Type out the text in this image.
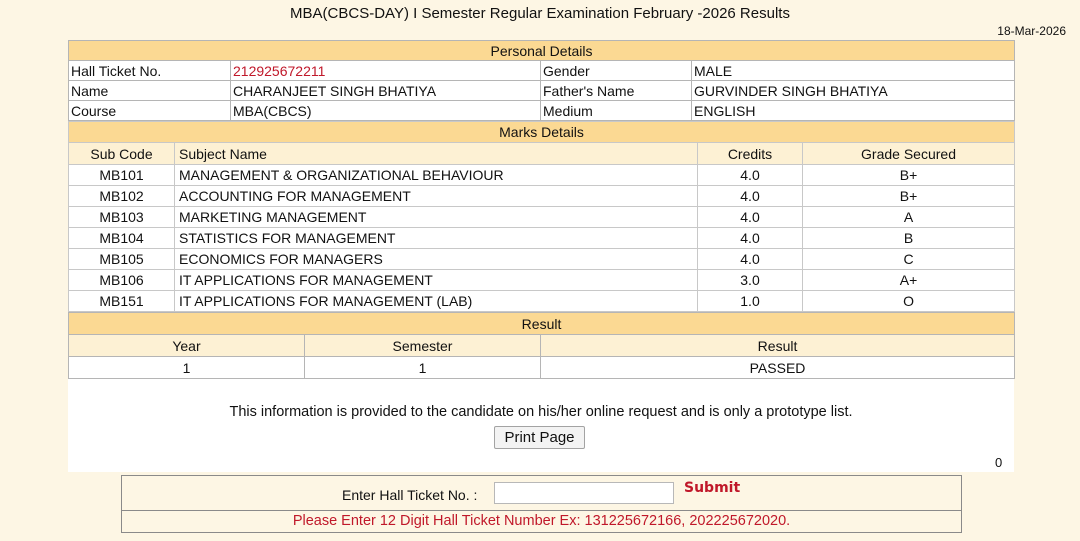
MBA(CBCS-DAY) I Semester Regular Examination February -2026 Results
18-Mar-2026
Personal Details			
Hall Ticket No.	212925672211	Gender	MALE
Name	CHARANJEET SINGH BHATIYA	Father's Name	GURVINDER SINGH BHATIYA
Course	MBA(CBCS)	Medium	ENGLISH
Marks Details			
Sub Code	Subject Name	Credits	Grade Secured
MB101	MANAGEMENT & ORGANIZATIONAL BEHAVIOUR	4.0	B+
MB102	ACCOUNTING FOR MANAGEMENT	4.0	B+
MB103	MARKETING MANAGEMENT	4.0	A
MB104	STATISTICS FOR MANAGEMENT	4.0	B
MB105	ECONOMICS FOR MANAGERS	4.0	C
MB106	IT APPLICATIONS FOR MANAGEMENT	3.0	A+
MB151	IT APPLICATIONS FOR MANAGEMENT (LAB)	1.0	O
Result		
Year	Semester	Result
1	1	PASSED
This information is provided to the candidate on his/her online request and is only a prototype list.
Print Page
0
Enter Hall Ticket No. :	Submit
Please Enter 12 Digit Hall Ticket Number Ex: 131225672166, 202225672020.
